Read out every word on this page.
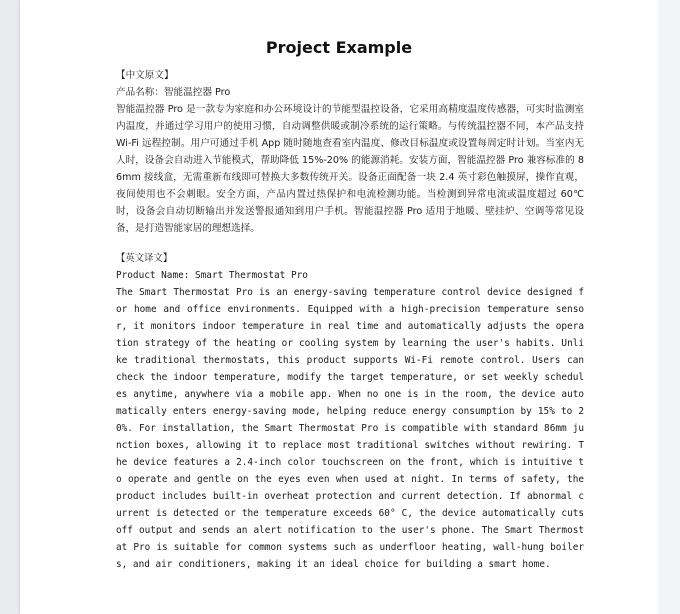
Project Example
【中文原文】
产品名称：智能温控器 Pro

智能温控器 Pro 是一款专为家庭和办公环境设计的节能型温控设备，它采用高精度温度传感器，可实时监测室内温度，并通过学习用户的使用习惯，自动调整供暖或制冷系统的运行策略。与传统温控器不同，本产品支持 Wi-Fi 远程控制。用户可通过手机 App 随时随地查看室内温度、修改目标温度或设置每周定时计划。当室内无人时，设备会自动进入节能模式，帮助降低 15%-20% 的能源消耗。安装方面，智能温控器 Pro 兼容标准的 86mm 接线盒，无需重新布线即可替换大多数传统开关。设备正面配备一块 2.4 英寸彩色触摸屏，操作直观，夜间使用也不会刺眼。安全方面，产品内置过热保护和电流检测功能。当检测到异常电流或温度超过 60℃ 时，设备会自动切断输出并发送警报通知到用户手机。智能温控器 Pro 适用于地暖、壁挂炉、空调等常见设备，是打造智能家居的理想选择。

【英文译文】
Product Name: Smart Thermostat Pro

The Smart Thermostat Pro is an energy-saving temperature control device designed for home and office environments. Equipped with a high-precision temperature sensor, it monitors indoor temperature in real time and automatically adjusts the operation strategy of the heating or cooling system by learning the user's habits. Unlike traditional thermostats, this product supports Wi-Fi remote control. Users can check the indoor temperature, modify the target temperature, or set weekly schedules anytime, anywhere via a mobile app. When no one is in the room, the device automatically enters energy-saving mode, helping reduce energy consumption by 15% to 20%. For installation, the Smart Thermostat Pro is compatible with standard 86mm junction boxes, allowing it to replace most traditional switches without rewiring. The device features a 2.4-inch color touchscreen on the front, which is intuitive to operate and gentle on the eyes even when used at night. In terms of safety, the product includes built-in overheat protection and current detection. If abnormal current is detected or the temperature exceeds 60° C, the device automatically cuts off output and sends an alert notification to the user's phone. The Smart Thermostat Pro is suitable for common systems such as underfloor heating, wall-hung boilers, and air conditioners, making it an ideal choice for building a smart home.
